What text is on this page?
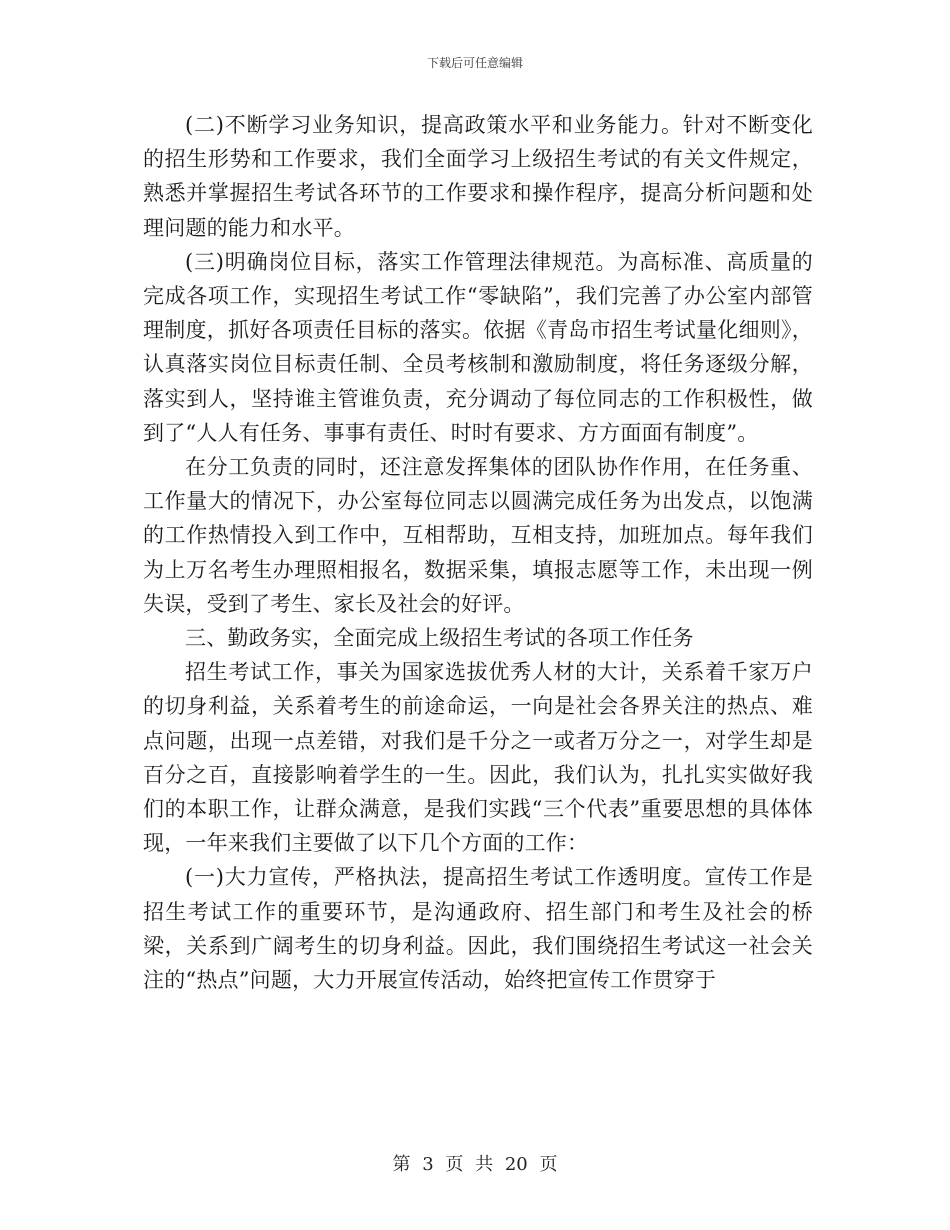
下载后可任意编辑

(二)不断学习业务知识，提高政策水平和业务能力。针对不断变化的招生形势和工作要求，我们全面学习上级招生考试的有关文件规定，熟悉并掌握招生考试各环节的工作要求和操作程序，提高分析问题和处理问题的能力和水平。

(三)明确岗位目标，落实工作管理法律规范。为高标准、高质量的完成各项工作，实现招生考试工作“零缺陷”，我们完善了办公室内部管理制度，抓好各项责任目标的落实。依据《青岛市招生考试量化细则》，认真落实岗位目标责任制、全员考核制和激励制度，将任务逐级分解，落实到人，坚持谁主管谁负责，充分调动了每位同志的工作积极性，做到了“人人有任务、事事有责任、时时有要求、方方面面有制度”。

在分工负责的同时，还注意发挥集体的团队协作作用，在任务重、工作量大的情况下，办公室每位同志以圆满完成任务为出发点，以饱满的工作热情投入到工作中，互相帮助，互相支持，加班加点。每年我们为上万名考生办理照相报名，数据采集，填报志愿等工作，未出现一例失误，受到了考生、家长及社会的好评。

三、勤政务实，全面完成上级招生考试的各项工作任务

招生考试工作，事关为国家选拔优秀人材的大计，关系着千家万户的切身利益，关系着考生的前途命运，一向是社会各界关注的热点、难点问题，出现一点差错，对我们是千分之一或者万分之一，对学生却是百分之百，直接影响着学生的一生。因此，我们认为，扎扎实实做好我们的本职工作，让群众满意，是我们实践“三个代表”重要思想的具体体现，一年来我们主要做了以下几个方面的工作：

(一)大力宣传，严格执法，提高招生考试工作透明度。宣传工作是招生考试工作的重要环节，是沟通政府、招生部门和考生及社会的桥梁，关系到广阔考生的切身利益。因此，我们围绕招生考试这一社会关注的“热点”问题，大力开展宣传活动，始终把宣传工作贯穿于

第 3 页 共 20 页
